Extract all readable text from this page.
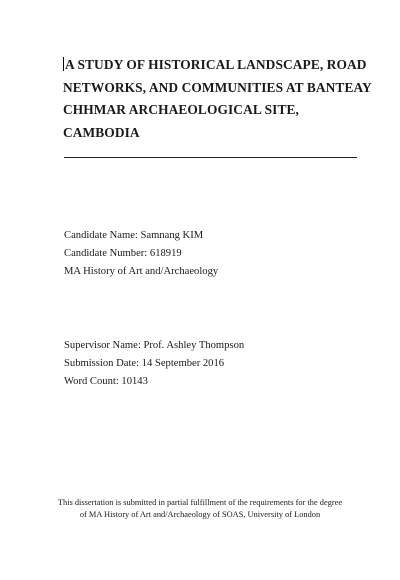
A STUDY OF HISTORICAL LANDSCAPE, ROAD
NETWORKS, AND COMMUNITIES AT BANTEAY
CHHMAR ARCHAEOLOGICAL SITE,
CAMBODIA
Candidate Name: Samnang KIM
Candidate Number: 618919
MA History of Art and/Archaeology
Supervisor Name: Prof. Ashley Thompson
Submission Date: 14 September 2016
Word Count: 10143
This dissertation is submitted in partial fulfillment of the requirements for the degree
of MA History of Art and/Archaeology of SOAS, University of London
